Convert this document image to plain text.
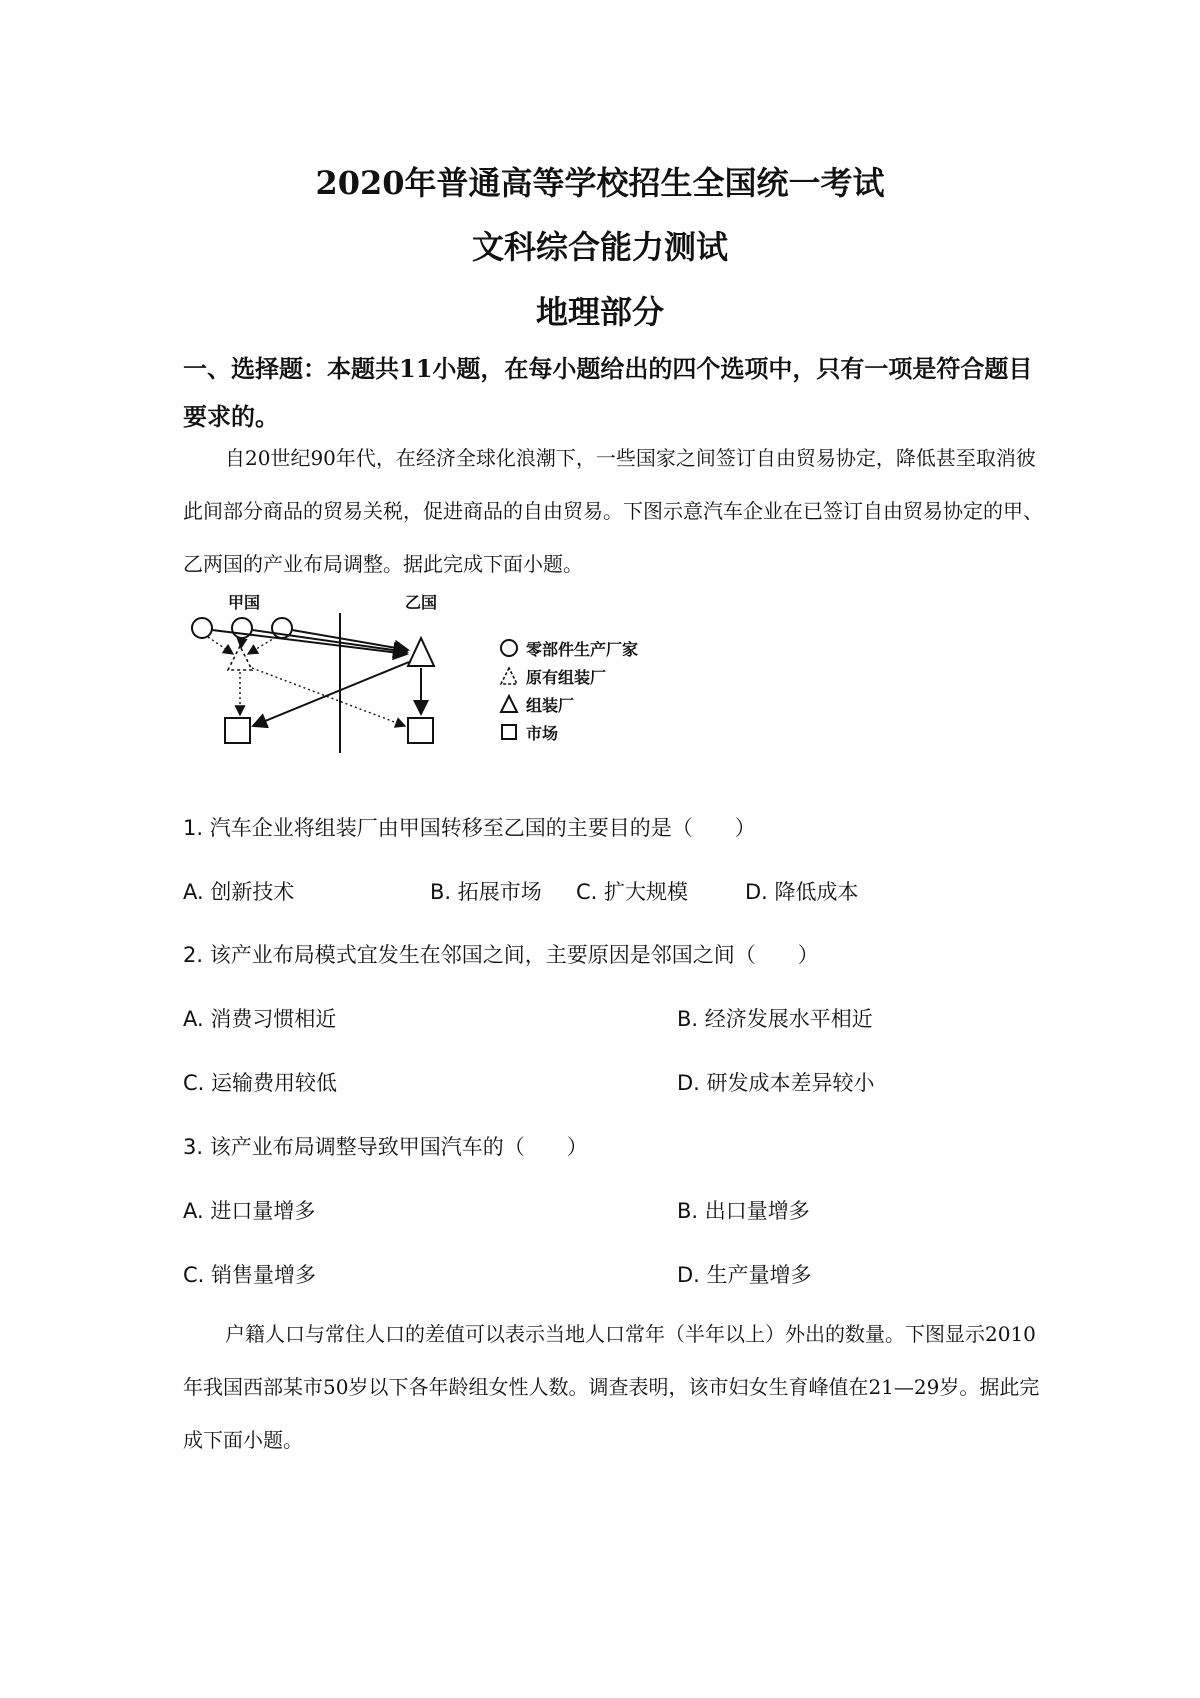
2020年普通高等学校招生全国统一考试
文科综合能力测试
地理部分
一、选择题：本题共11小题，在每小题给出的四个选项中，只有一项是符合题目要求的。
自20世纪90年代，在经济全球化浪潮下，一些国家之间签订自由贸易协定，降低甚至取消彼此间部分商品的贸易关税，促进商品的自由贸易。下图示意汽车企业在已签订自由贸易协定的甲、乙两国的产业布局调整。据此完成下面小题。
甲国	乙国
零部件生产厂家
原有组装厂
组装厂
市场
1. 汽车企业将组装厂由甲国转移至乙国的主要目的是（　　）
A. 创新技术	B. 拓展市场 C. 扩大规模	D. 降低成本
2. 该产业布局模式宜发生在邻国之间，主要原因是邻国之间（　　）
A. 消费习惯相近	B. 经济发展水平相近
C. 运输费用较低	D. 研发成本差异较小
3. 该产业布局调整导致甲国汽车的（　　）
A. 进口量增多	B. 出口量增多
C. 销售量增多	D. 生产量增多
户籍人口与常住人口的差值可以表示当地人口常年（半年以上）外出的数量。下图显示2010年我国西部某市50岁以下各年龄组女性人数。调查表明，该市妇女生育峰值在21—29岁。据此完成下面小题。
